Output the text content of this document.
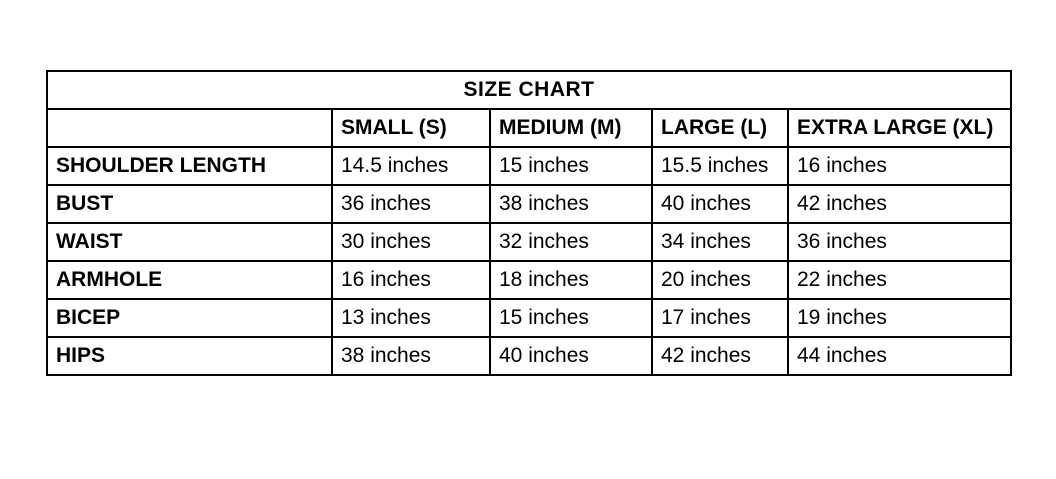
SIZE CHART				
	SMALL (S)	MEDIUM (M)	LARGE (L)	EXTRA LARGE (XL)
SHOULDER LENGTH	14.5 inches	15 inches	15.5 inches	16 inches
BUST	36 inches	38 inches	40 inches	42 inches
WAIST	30 inches	32 inches	34 inches	36 inches
ARMHOLE	16 inches	18 inches	20 inches	22 inches
BICEP	13 inches	15 inches	17 inches	19 inches
HIPS	38 inches	40 inches	42 inches	44 inches
